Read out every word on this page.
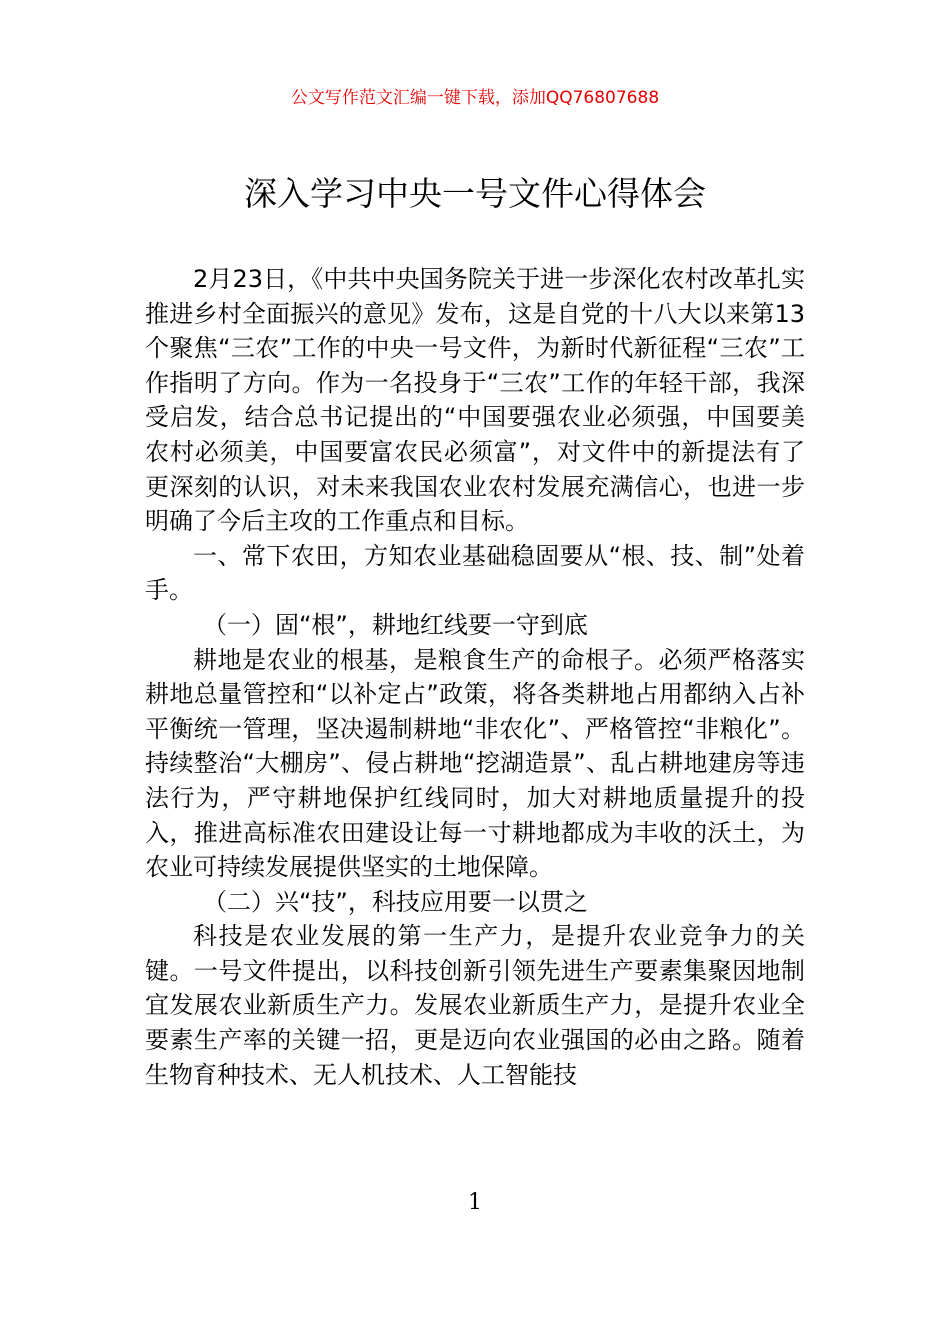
公文写作范文汇编一键下载，添加QQ76807688
深入学习中央一号文件心得体会

2月23日，《中共中央国务院关于进一步深化农村改革扎实推进乡村全面振兴的意见》发布，这是自党的十八大以来第13个聚焦“三农”工作的中央一号文件，为新时代新征程“三农”工作指明了方向。作为一名投身于“三农”工作的年轻干部，我深受启发，结合总书记提出的“中国要强农业必须强，中国要美农村必须美，中国要富农民必须富”，对文件中的新提法有了更深刻的认识，对未来我国农业农村发展充满信心，也进一步明确了今后主攻的工作重点和目标。

一、常下农田，方知农业基础稳固要从“根、技、制”处着手。

（一）固“根”，耕地红线要一守到底

耕地是农业的根基，是粮食生产的命根子。必须严格落实耕地总量管控和“以补定占”政策，将各类耕地占用都纳入占补平衡统一管理，坚决遏制耕地“非农化”、严格管控“非粮化”。持续整治“大棚房”、侵占耕地“挖湖造景”、乱占耕地建房等违法行为，严守耕地保护红线同时，加大对耕地质量提升的投入，推进高标准农田建设让每一寸耕地都成为丰收的沃土，为农业可持续发展提供坚实的土地保障。

（二）兴“技”，科技应用要一以贯之

科技是农业发展的第一生产力，是提升农业竞争力的关键。一号文件提出，以科技创新引领先进生产要素集聚因地制宜发展农业新质生产力。发展农业新质生产力，是提升农业全要素生产率的关键一招，更是迈向农业强国的必由之路。随着生物育种技术、无人机技术、人工智能技

1
